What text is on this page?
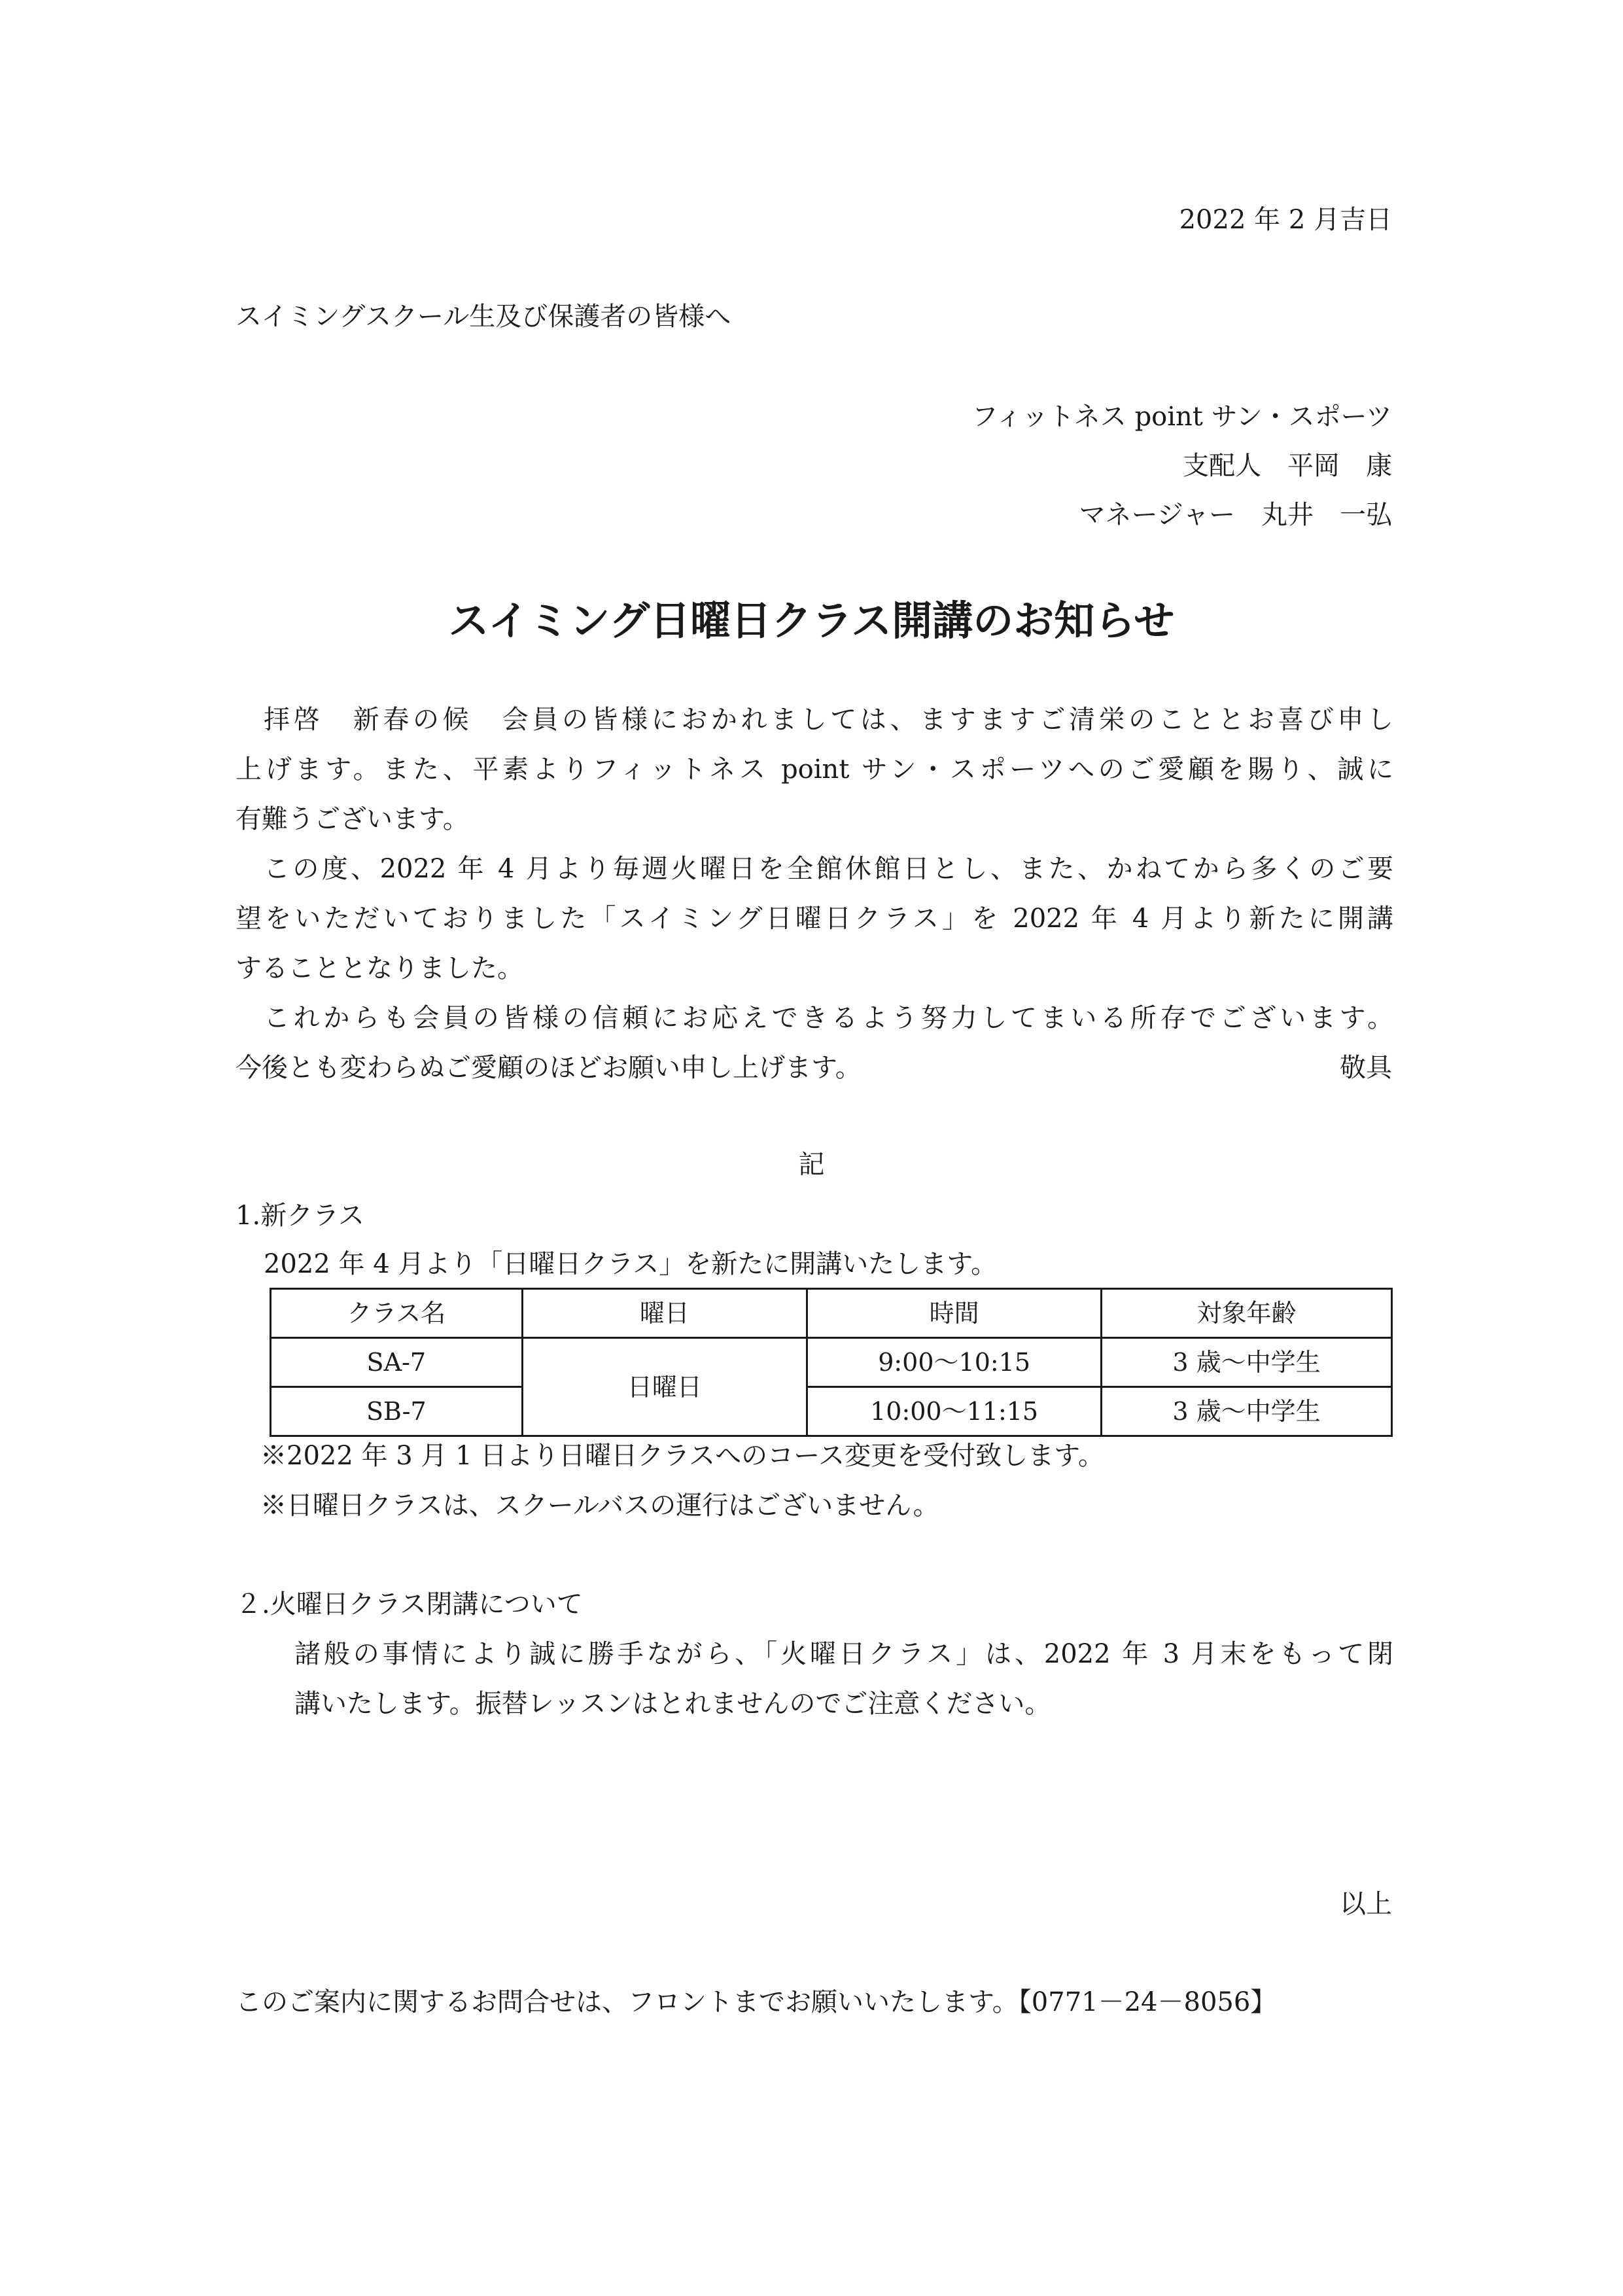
2022 年 2 月吉日
スイミングスクール生及び保護者の皆様へ
フィットネス point サン・スポーツ
支配人　平岡　康
マネージャー　丸井　一弘
スイミング日曜日クラス開講のお知らせ
拝啓　新春の候　会員の皆様におかれましては、ますますご清栄のこととお喜び申し
上げます。また、平素よりフィットネス point サン・スポーツへのご愛顧を賜り、誠に
有難うございます。
この度、2022 年 4 月より毎週火曜日を全館休館日とし、また、かねてから多くのご要
望をいただいておりました「スイミング日曜日クラス」を 2022 年 4 月より新たに開講
することとなりました。
これからも会員の皆様の信頼にお応えできるよう努力してまいる所存でございます。
今後とも変わらぬご愛顧のほどお願い申し上げます。	敬具
記
1.新クラス
2022 年 4 月より「日曜日クラス」を新たに開講いたします。
クラス名	曜日	時間	対象年齢
SA-7	日曜日	9:00〜10:15	3 歳〜中学生
SB-7		10:00〜11:15	3 歳〜中学生
※2022 年 3 月 1 日より日曜日クラスへのコース変更を受付致します。
※日曜日クラスは、スクールバスの運行はございません。
２.火曜日クラス閉講について
諸般の事情により誠に勝手ながら、「火曜日クラス」は、2022 年 3 月末をもって閉
講いたします。振替レッスンはとれませんのでご注意ください。
以上
このご案内に関するお問合せは、フロントまでお願いいたします。【0771－24－8056】
